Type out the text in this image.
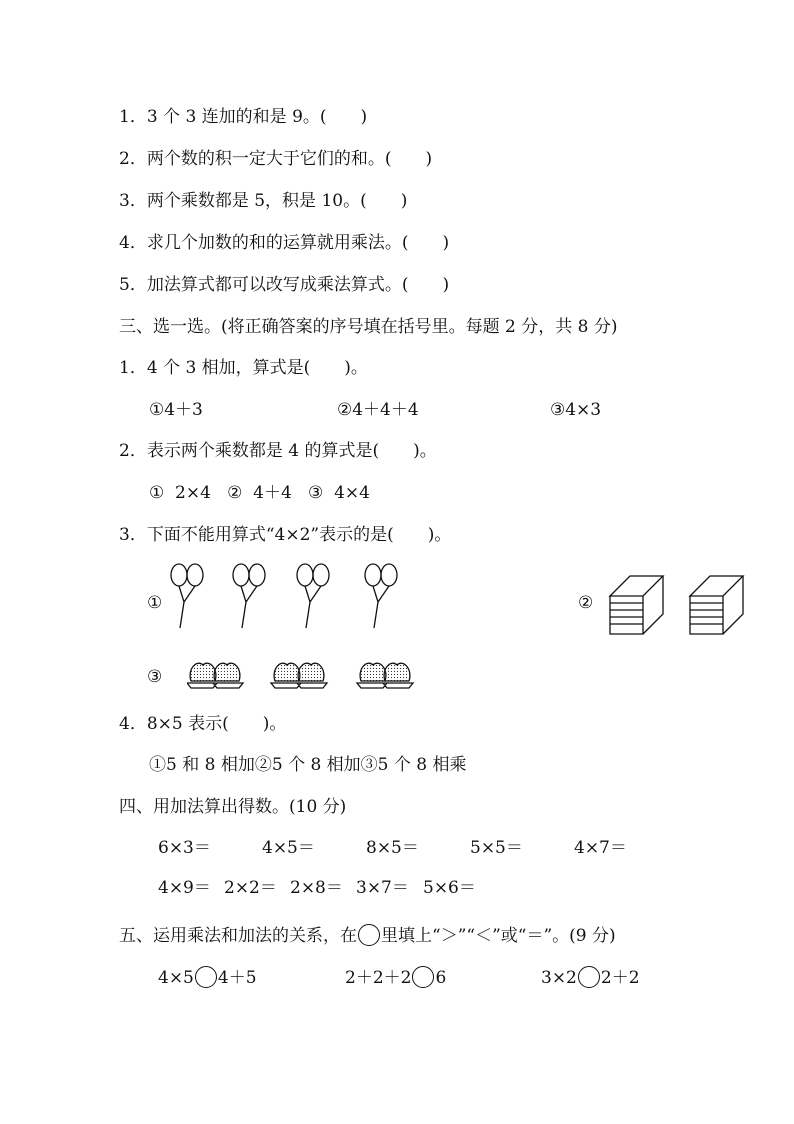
1．3 个 3 连加的和是 9。(　　)
2．两个数的积一定大于它们的和。(　　)
3．两个乘数都是 5，积是 10。(　　)
4．求几个加数的和的运算就用乘法。(　　)
5．加法算式都可以改写成乘法算式。(　　)
三、选一选。(将正确答案的序号填在括号里。每题 2 分，共 8 分)
1．4 个 3 相加，算式是(　　)。
①4＋3	②4＋4＋4	③4×3
2．表示两个乘数都是 4 的算式是(　　)。
①  2×4   ②  4＋4   ③  4×4
3．下面不能用算式“4×2”表示的是(　　)。
①	②
③
4．8×5 表示(　　)。
①5 和 8 相加②5 个 8 相加③5 个 8 相乘
四、用加法算出得数。(10 分)
6×3＝	4×5＝	8×5＝	5×5＝	4×7＝
4×9＝ 2×2＝ 2×8＝ 3×7＝ 5×6＝
五、运用乘法和加法的关系，在 里填上“＞”“＜”或“＝”。(9 分)
4×5 4＋5	2＋2＋2 6	3×2 2＋2
